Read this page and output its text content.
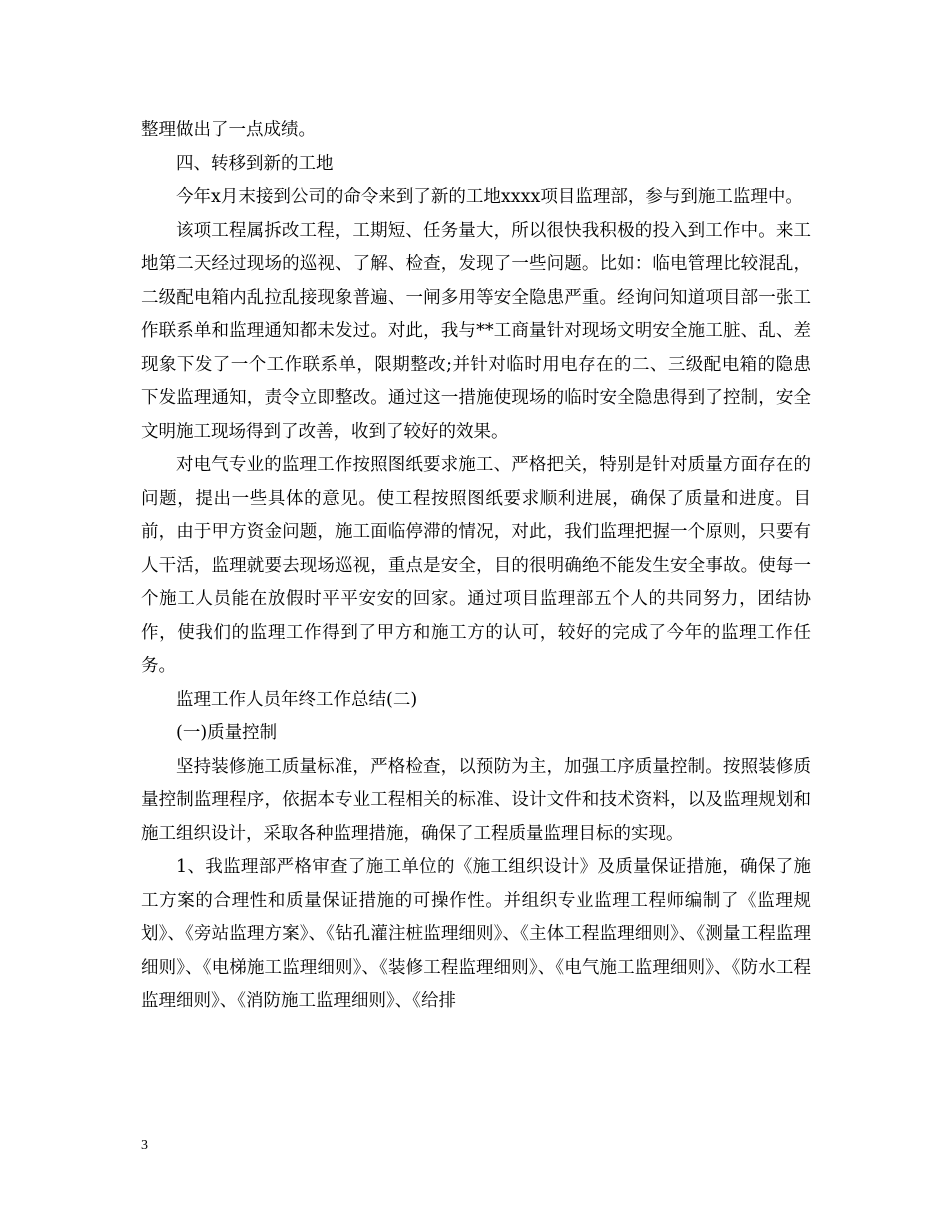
整理做出了一点成绩。

四、转移到新的工地

今年x月末接到公司的命令来到了新的工地xxxx项目监理部，参与到施工监理中。

该项工程属拆改工程，工期短、任务量大，所以很快我积极的投入到工作中。来工地第二天经过现场的巡视、了解、检查，发现了一些问题。比如：临电管理比较混乱，二级配电箱内乱拉乱接现象普遍、一闸多用等安全隐患严重。经询问知道项目部一张工作联系单和监理通知都未发过。对此，我与**工商量针对现场文明安全施工脏、乱、差现象下发了一个工作联系单，限期整改;并针对临时用电存在的二、三级配电箱的隐患下发监理通知，责令立即整改。通过这一措施使现场的临时安全隐患得到了控制，安全文明施工现场得到了改善，收到了较好的效果。

对电气专业的监理工作按照图纸要求施工、严格把关，特别是针对质量方面存在的问题，提出一些具体的意见。使工程按照图纸要求顺利进展，确保了质量和进度。目前，由于甲方资金问题，施工面临停滞的情况，对此，我们监理把握一个原则，只要有人干活，监理就要去现场巡视，重点是安全，目的很明确绝不能发生安全事故。使每一个施工人员能在放假时平平安安的回家。通过项目监理部五个人的共同努力，团结协作，使我们的监理工作得到了甲方和施工方的认可，较好的完成了今年的监理工作任务。

监理工作人员年终工作总结(二)

(一)质量控制

坚持装修施工质量标准，严格检查，以预防为主，加强工序质量控制。按照装修质量控制监理程序，依据本专业工程相关的标准、设计文件和技术资料，以及监理规划和施工组织设计，采取各种监理措施，确保了工程质量监理目标的实现。

1、我监理部严格审查了施工单位的《施工组织设计》及质量保证措施，确保了施工方案的合理性和质量保证措施的可操作性。并组织专业监理工程师编制了《监理规划》、《旁站监理方案》、《钻孔灌注桩监理细则》、《主体工程监理细则》、《测量工程监理细则》、《电梯施工监理细则》、《装修工程监理细则》、《电气施工监理细则》、《防水工程监理细则》、《消防施工监理细则》、《给排

3
